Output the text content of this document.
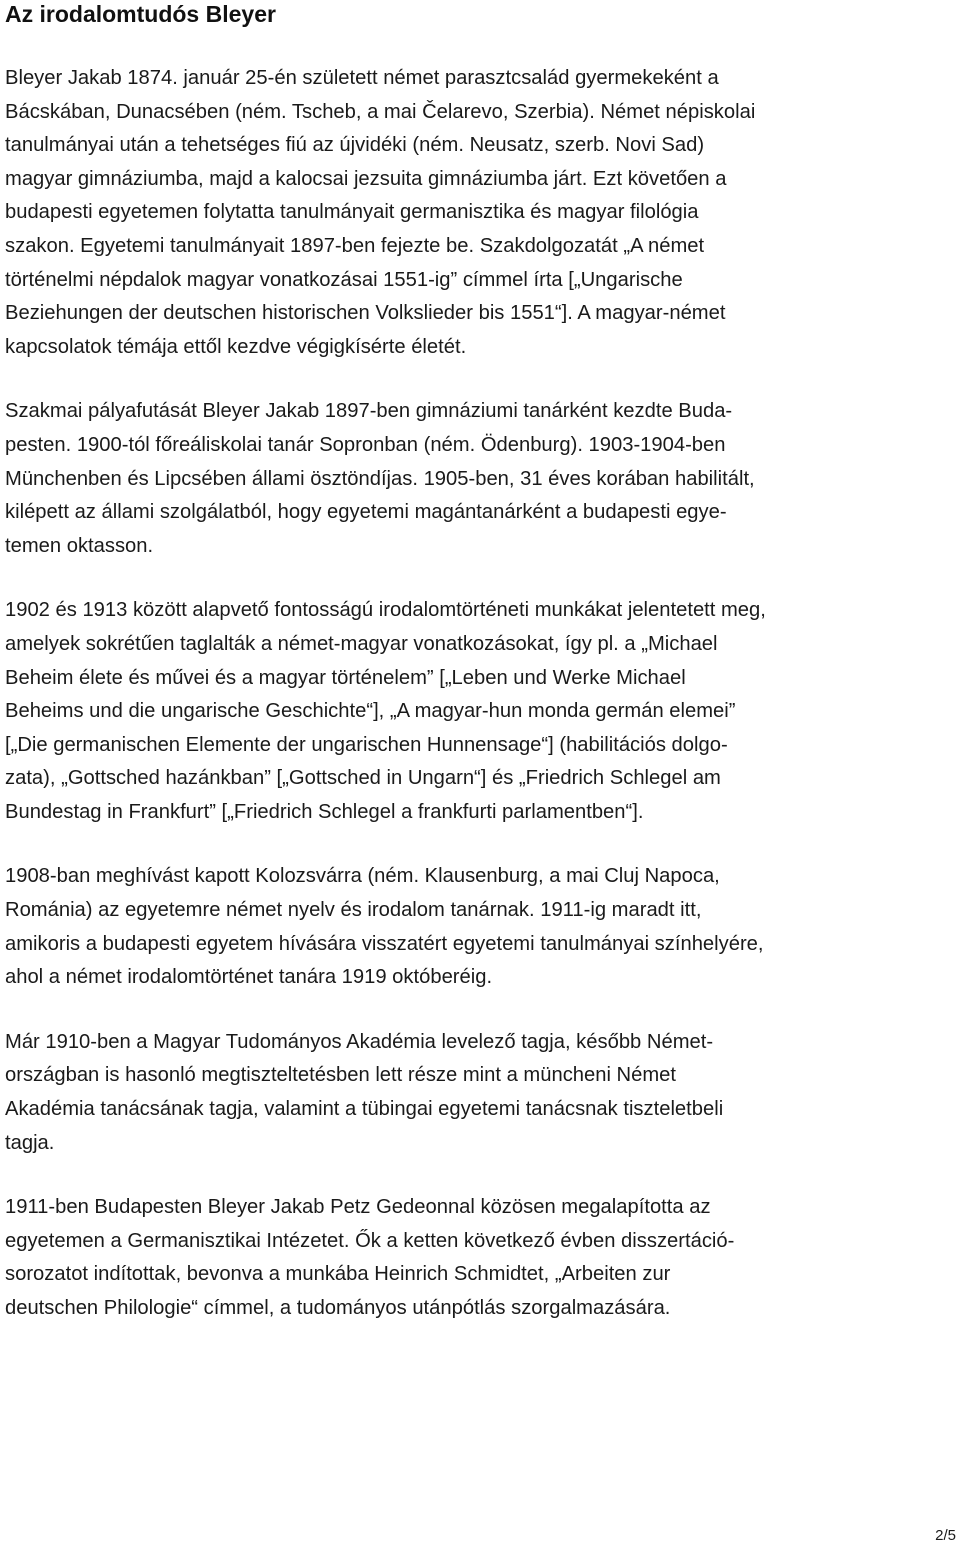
Az irodalomtudós Bleyer

Bleyer Jakab 1874. január 25-én született német parasztcsalád gyermekeként a
Bácskában, Dunacsében (ném. Tscheb, a mai Čelarevo, Szerbia). Német népiskolai
tanulmányai után a tehetséges fiú az újvidéki (ném. Neusatz, szerb. Novi Sad)
magyar gimnáziumba, majd a kalocsai jezsuita gimnáziumba járt. Ezt követően a
budapesti egyetemen folytatta tanulmányait germanisztika és magyar filológia
szakon. Egyetemi tanulmányait 1897-ben fejezte be. Szakdolgozatát „A német
történelmi népdalok magyar vonatkozásai 1551-ig” címmel írta [„Ungarische
Beziehungen der deutschen historischen Volkslieder bis 1551“]. A magyar-német
kapcsolatok témája ettől kezdve végigkísérte életét.

Szakmai pályafutását Bleyer Jakab 1897-ben gimnáziumi tanárként kezdte Buda-
pesten. 1900-tól főreáliskolai tanár Sopronban (ném. Ödenburg). 1903-1904-ben
Münchenben és Lipcsében állami ösztöndíjas. 1905-ben, 31 éves korában habilitált,
kilépett az állami szolgálatból, hogy egyetemi magántanárként a budapesti egye-
temen oktasson.

1902 és 1913 között alapvető fontosságú irodalomtörténeti munkákat jelentetett meg,
amelyek sokrétűen taglalták a német-magyar vonatkozásokat, így pl. a „Michael
Beheim élete és művei és a magyar történelem” [„Leben und Werke Michael
Beheims und die ungarische Geschichte“], „A magyar-hun monda germán elemei”
[„Die germanischen Elemente der ungarischen Hunnensage“] (habilitációs dolgo-
zata), „Gottsched hazánkban” [„Gottsched in Ungarn“] és „Friedrich Schlegel am
Bundestag in Frankfurt” [„Friedrich Schlegel a frankfurti parlamentben“].

1908-ban meghívást kapott Kolozsvárra (ném. Klausenburg, a mai Cluj Napoca,
Románia) az egyetemre német nyelv és irodalom tanárnak. 1911-ig maradt itt,
amikoris a budapesti egyetem hívására visszatért egyetemi tanulmányai színhelyére,
ahol a német irodalomtörténet tanára 1919 októberéig.

Már 1910-ben a Magyar Tudományos Akadémia levelező tagja, később Német-
országban is hasonló megtiszteltetésben lett része mint a müncheni Német
Akadémia tanácsának tagja, valamint a tübingai egyetemi tanácsnak tiszteletbeli
tagja.

1911-ben Budapesten Bleyer Jakab Petz Gedeonnal közösen megalapította az
egyetemen a Germanisztikai Intézetet. Ők a ketten következő évben disszertáció-
sorozatot indítottak, bevonva a munkába Heinrich Schmidtet, „Arbeiten zur
deutschen Philologie“ címmel, a tudományos utánpótlás szorgalmazására.

2/5
